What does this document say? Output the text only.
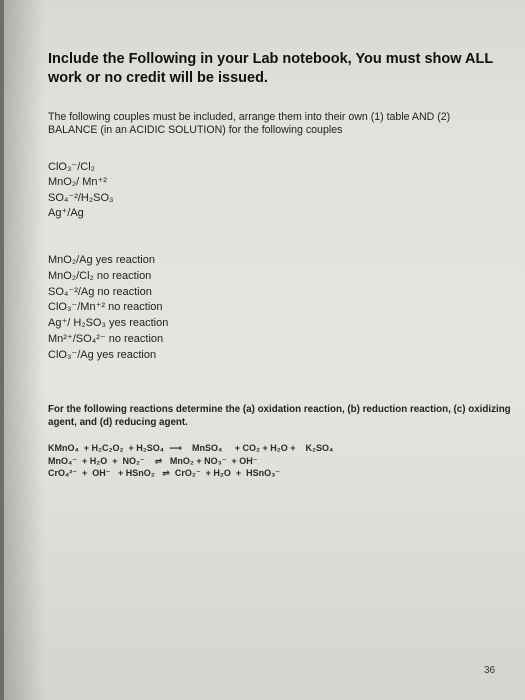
Include the Following in your Lab notebook, You must show ALL
work or no credit will be issued.
The following couples must be included, arrange them into their own (1) table AND (2)
BALANCE (in an ACIDIC SOLUTION) for the following couples
ClO₃⁻/Cl₂
MnO₂/ Mn⁺²
SO₄⁻²/H₂SO₃
Ag⁺/Ag
MnO₂/Ag yes reaction
MnO₂/Cl₂ no reaction
SO₄⁻²/Ag no reaction
ClO₃⁻/Mn⁺² no reaction
Ag⁺/ H₂SO₃ yes reaction
Mn²⁺/SO₄²⁻ no reaction
ClO₃⁻/Ag yes reaction
For the following reactions determine the (a) oxidation reaction, (b) reduction reaction, (c) oxidizing
agent, and (d) reducing agent.
KMnO₄  + H₂C₂O₂  + H₂SO₄  ⟶    MnSO₄     + CO₂ + H₂O +    K₂SO₄
MnO₄⁻  + H₂O  +  NO₂⁻    ⇌   MnO₂ + NO₃⁻  + OH⁻
CrO₄²⁻  +  OH⁻   + HSnO₂   ⇌  CrO₂⁻  + H₂O  +  HSnO₃⁻
36
